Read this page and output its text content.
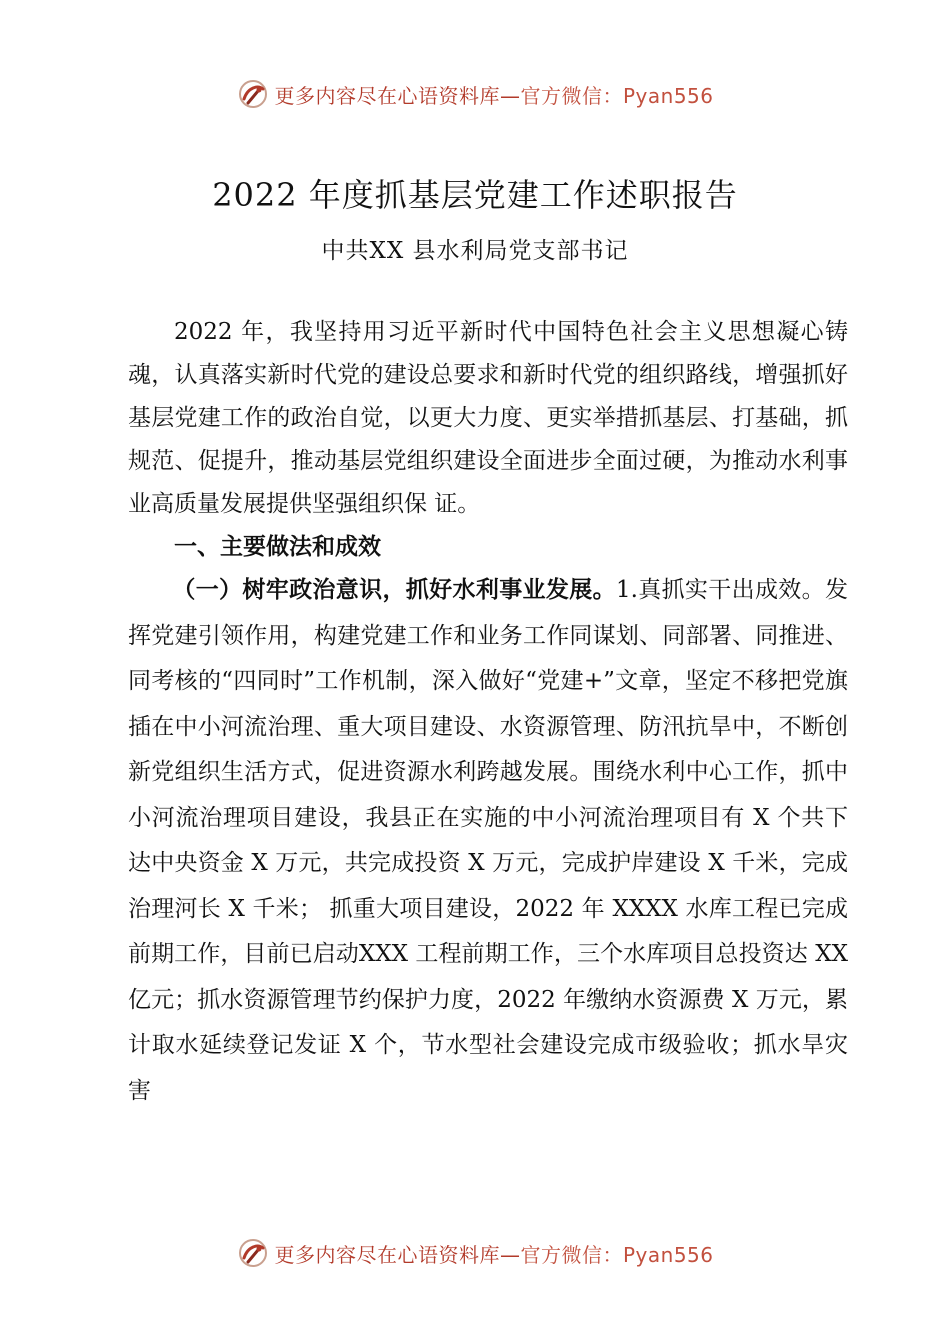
更多内容尽在心语资料库—官方微信：Pyan556
2022 年度抓基层党建工作述职报告

中共XX 县水利局党支部书记

2022 年，我坚持用习近平新时代中国特色社会主义思想凝心铸魂，认真落实新时代党的建设总要求和新时代党的组织路线，增强抓好基层党建工作的政治自觉，以更大力度、更实举措抓基层、打基础，抓规范、促提升，推动基层党组织建设全面进步全面过硬，为推动水利事业高质量发展提供坚强组织保 证。

一、主要做法和成效

（一）树牢政治意识，抓好水利事业发展。1.真抓实干出成效。发挥党建引领作用，构建党建工作和业务工作同谋划、同部署、同推进、同考核的“四同时”工作机制，深入做好“党建+”文章，坚定不移把党旗插在中小河流治理、重大项目建设、水资源管理、防汛抗旱中，不断创新党组织生活方式，促进资源水利跨越发展。围绕水利中心工作，抓中小河流治理项目建设，我县正在实施的中小河流治理项目有 X 个共下达中央资金 X 万元，共完成投资 X 万元，完成护岸建设 X 千米，完成治理河长 X 千米； 抓重大项目建设，2022 年 XXXX 水库工程已完成前期工作，目前已启动XXX 工程前期工作，三个水库项目总投资达 XX 亿元；抓水资源管理节约保护力度，2022 年缴纳水资源费 X 万元，累计取水延续登记发证 X 个，节水型社会建设完成市级验收；抓水旱灾害

更多内容尽在心语资料库—官方微信：Pyan556
